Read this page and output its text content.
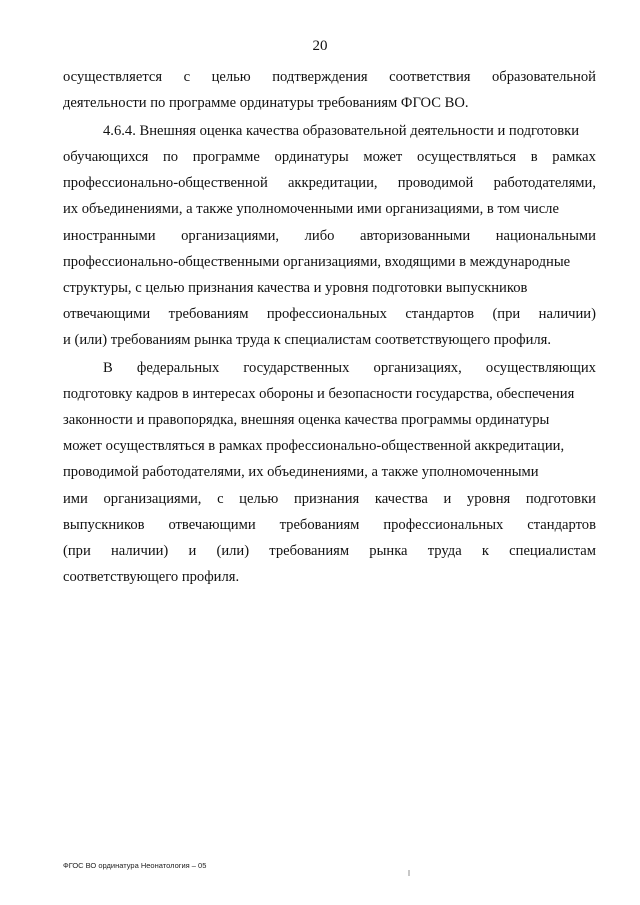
20
осуществляется с целью подтверждения соответствия образовательной
деятельности по программе ординатуры требованиям ФГОС ВО.
4.6.4. Внешняя оценка качества образовательной деятельности и подготовки
обучающихся по программе ординатуры может осуществляться в рамках
профессионально-общественной аккредитации, проводимой работодателями,
их объединениями, а также уполномоченными ими организациями, в том числе
иностранными организациями, либо авторизованными национальными
профессионально-общественными организациями, входящими в международные
структуры, с целью признания качества и уровня подготовки выпускников
отвечающими требованиям профессиональных стандартов (при наличии)
и (или) требованиям рынка труда к специалистам соответствующего профиля.
В федеральных государственных организациях, осуществляющих
подготовку кадров в интересах обороны и безопасности государства, обеспечения
законности и правопорядка, внешняя оценка качества программы ординатуры
может осуществляться в рамках профессионально-общественной аккредитации,
проводимой работодателями, их объединениями, а также уполномоченными
ими организациями, с целью признания качества и уровня подготовки
выпускников отвечающими требованиям профессиональных стандартов
(при наличии) и (или) требованиям рынка труда к специалистам
соответствующего профиля.
ФГОС ВО ординатура Неонатология – 05
